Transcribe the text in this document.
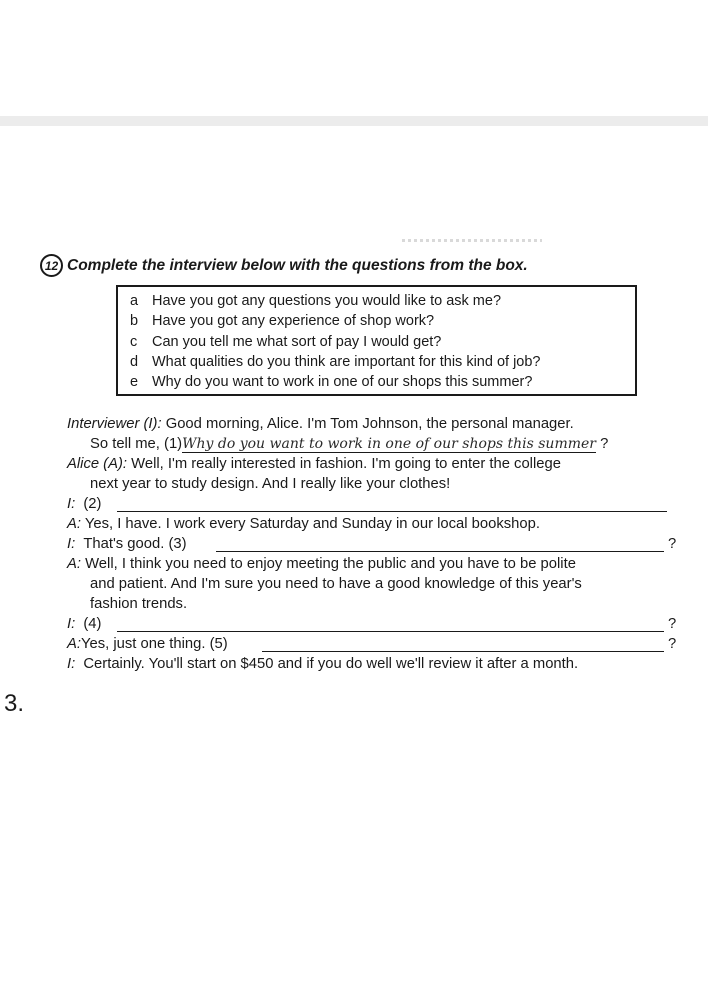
12 Complete the interview below with the questions from the box.
a Have you got any questions you would like to ask me?
b Have you got any experience of shop work?
c Can you tell me what sort of pay I would get?
d What qualities do you think are important for this kind of job?
e Why do you want to work in one of our shops this summer?
Interviewer (I): Good morning, Alice. I'm Tom Johnson, the personal manager.
So tell me, (1)Why do you want to work in one of our shops this summer ?
Alice (A): Well, I'm really interested in fashion. I'm going to enter the college
next year to study design. And I really like your clothes!
I: (2)
A: Yes, I have. I work every Saturday and Sunday in our local bookshop.
I: That's good. (3)	?
A: Well, I think you need to enjoy meeting the public and you have to be polite
and patient. And I'm sure you need to have a good knowledge of this year's
fashion trends.
I: (4)	?
A:Yes, just one thing. (5)	?
I: Certainly. You'll start on $450 and if you do well we'll review it after a month.
3.
